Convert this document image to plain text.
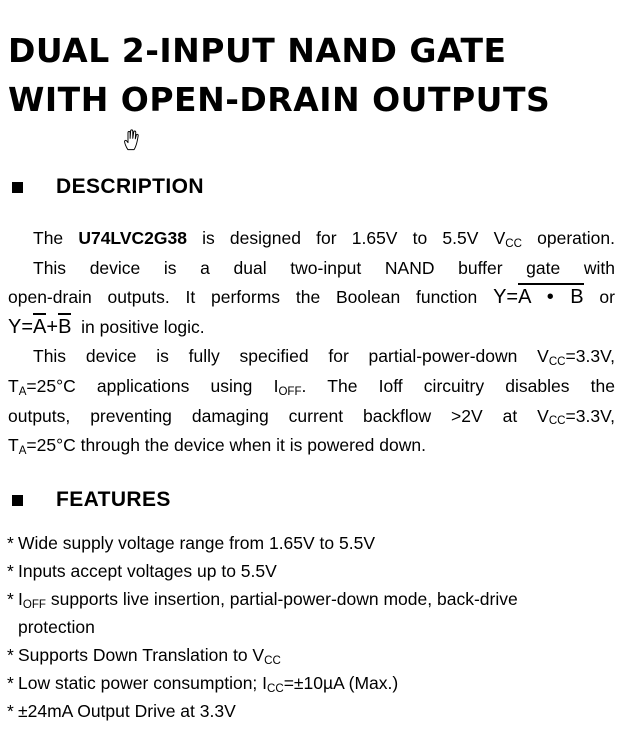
DUAL 2-INPUT NAND GATE
WITH OPEN-DRAIN OUTPUTS
DESCRIPTION
The U74LVC2G38 is designed for 1.65V to 5.5V VCC operation.
This device is a dual two-input NAND buffer gate with
open-drain outputs. It performs the Boolean function Y=A • B or
Y=A+B  in positive logic.
This device is fully specified for partial-power-down VCC=3.3V,
TA=25°C applications using IOFF. The Ioff circuitry disables the
outputs, preventing damaging current backflow >2V at VCC=3.3V,
TA=25°C through the device when it is powered down.
FEATURES
* Wide supply voltage range from 1.65V to 5.5V
* Inputs accept voltages up to 5.5V
* IOFF supports live insertion, partial-power-down mode, back-drive
protection
* Supports Down Translation to VCC
* Low static power consumption; ICC=±10µA (Max.)
* ±24mA Output Drive at 3.3V
